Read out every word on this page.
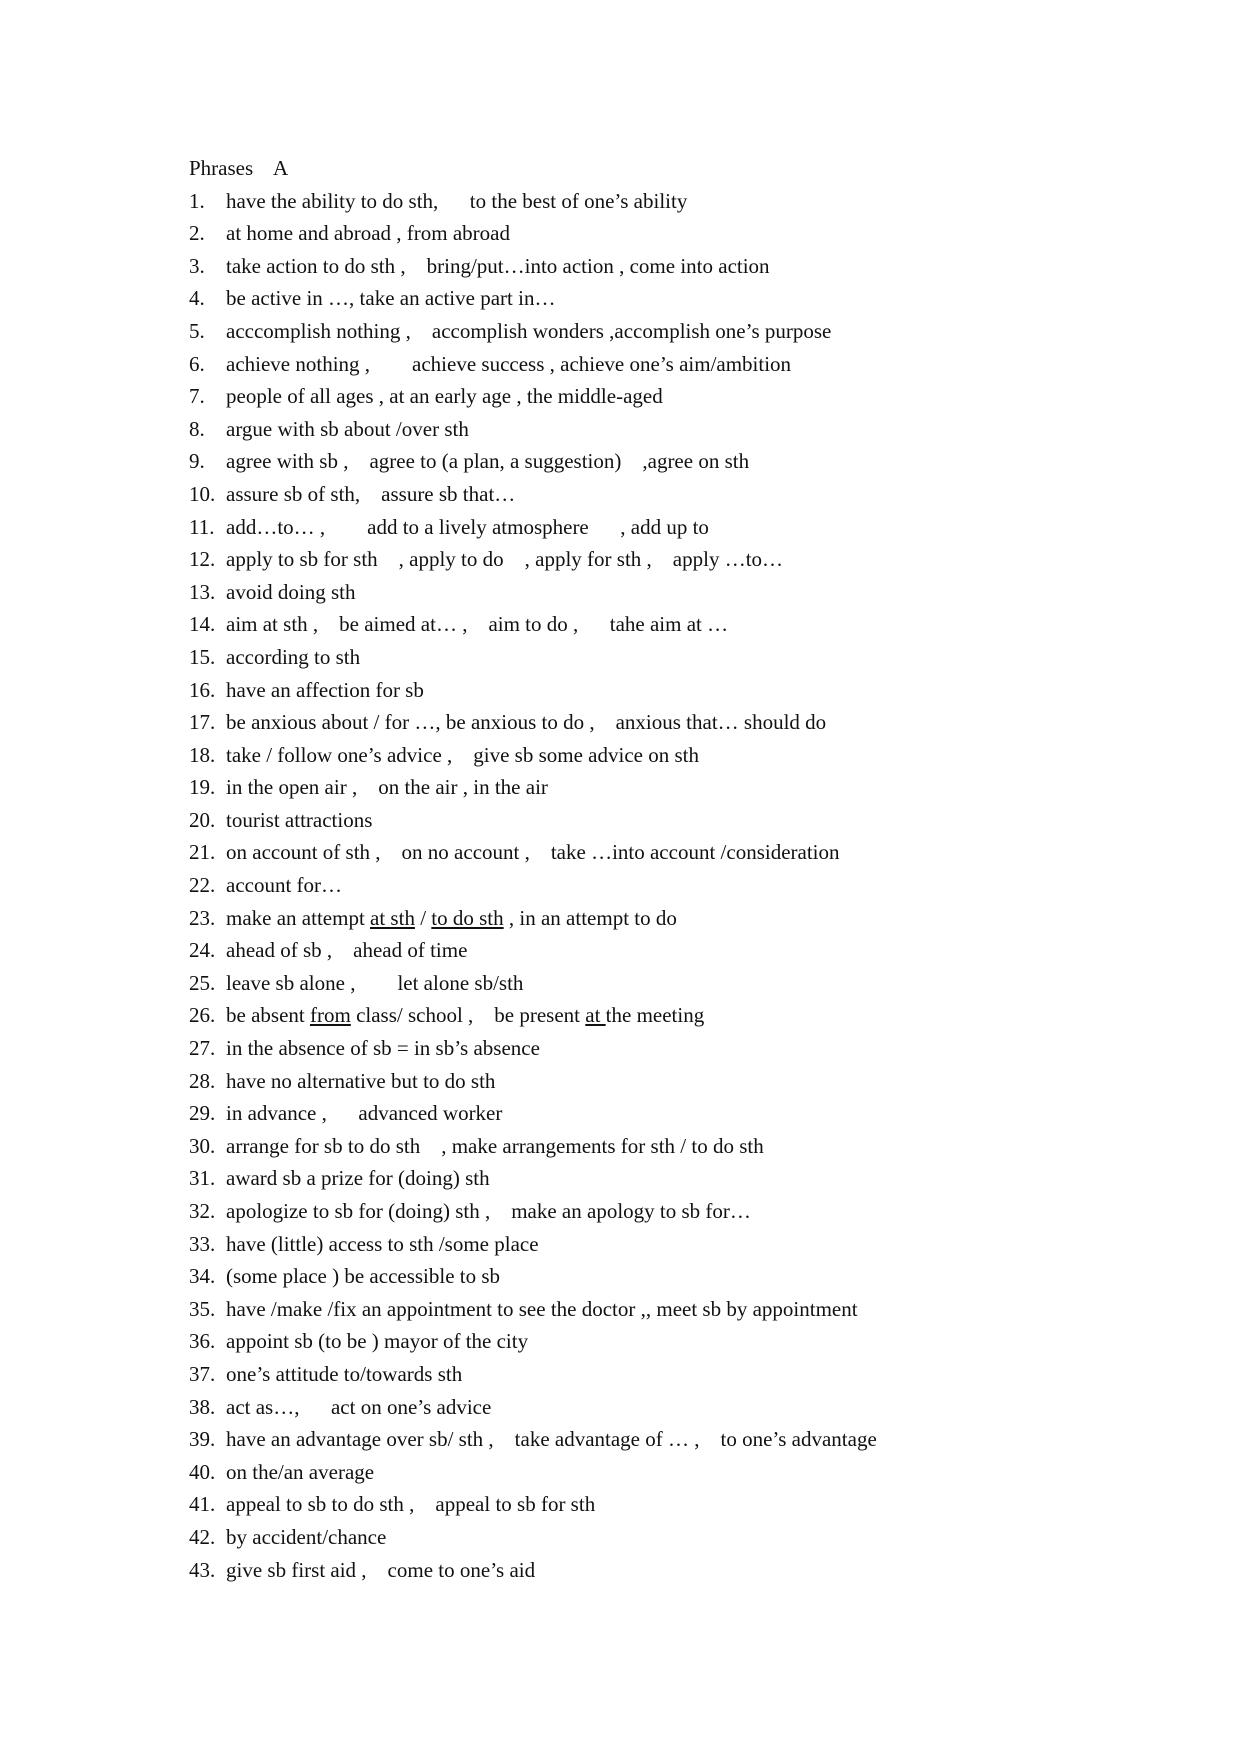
Phrases A
1.	have the ability to do sth,      to the best of one’s ability
2.	at home and abroad , from abroad
3.	take action to do sth ,    bring/put…into action , come into action
4.	be active in …, take an active part in…
5.	acccomplish nothing ,    accomplish wonders ,accomplish one’s purpose
6.	achieve nothing ,        achieve success , achieve one’s aim/ambition
7.	people of all ages , at an early age , the middle-aged
8.	argue with sb about /over sth
9.	agree with sb ,    agree to (a plan, a suggestion)    ,agree on sth
10. assure sb of sth,    assure sb that…
11. add…to… ,        add to a lively atmosphere      , add up to
12. apply to sb for sth    , apply to do    , apply for sth ,    apply …to…
13. avoid doing sth
14. aim at sth ,    be aimed at… ,    aim to do ,      tahe aim at …
15. according to sth
16. have an affection for sb
17. be anxious about / for …, be anxious to do ,    anxious that… should do
18. take / follow one’s advice ,    give sb some advice on sth
19. in the open air ,    on the air , in the air
20. tourist attractions
21. on account of sth ,    on no account ,    take …into account /consideration
22. account for…
23. make an attempt at sth / to do sth , in an attempt to do
24. ahead of sb ,    ahead of time
25. leave sb alone ,        let alone sb/sth
26. be absent from class/ school ,    be present at the meeting
27. in the absence of sb = in sb’s absence
28. have no alternative but to do sth
29. in advance ,      advanced worker
30. arrange for sb to do sth    , make arrangements for sth / to do sth
31. award sb a prize for (doing) sth
32. apologize to sb for (doing) sth ,    make an apology to sb for…
33. have (little) access to sth /some place
34. (some place ) be accessible to sb
35. have /make /fix an appointment to see the doctor ,, meet sb by appointment
36. appoint sb (to be ) mayor of the city
37. one’s attitude to/towards sth
38. act as…,      act on one’s advice
39. have an advantage over sb/ sth ,    take advantage of … ,    to one’s advantage
40. on the/an average
41. appeal to sb to do sth ,    appeal to sb for sth
42. by accident/chance
43. give sb first aid ,    come to one’s aid
